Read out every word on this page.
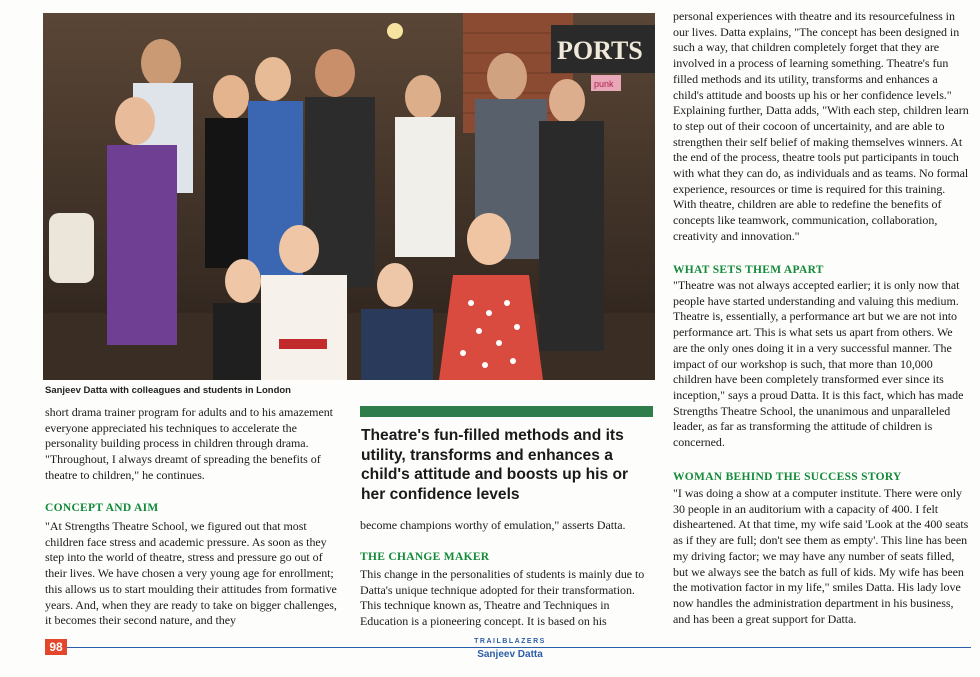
PORTS
punk
Sanjeev Datta with colleagues and students in London

short drama trainer program for adults and to his amazement everyone appreciated his techniques to accelerate the personality building process in children through drama. "Throughout, I always dreamt of spreading the benefits of theatre to children," he continues.

CONCEPT AND AIM

"At Strengths Theatre School, we figured out that most children face stress and academic pressure. As soon as they step into the world of theatre, stress and pressure go out of their lives. We have chosen a very young age for enrollment; this allows us to start moulding their attitudes from formative years. And, when they are ready to take on bigger challenges, it becomes their second nature, and they

Theatre's fun-filled methods and its utility, transforms and enhances a child's attitude and boosts up his or her confidence levels

become champions worthy of emulation," asserts Datta.

THE CHANGE MAKER

This change in the personalities of students is mainly due to Datta's unique technique adopted for their transformation. This technique known as, Theatre and Techniques in Education is a pioneering concept. It is based on his

personal experiences with theatre and its resourcefulness in our lives. Datta explains, "The concept has been designed in such a way, that children completely forget that they are involved in a process of learning something. Theatre's fun filled methods and its utility, transforms and enhances a child's attitude and boosts up his or her confidence levels." Explaining further, Datta adds, "With each step, children learn to step out of their cocoon of uncertainity, and are able to strengthen their self belief of making themselves winners. At the end of the process, theatre tools put participants in touch with what they can do, as individuals and as teams. No formal experience, resources or time is required for this training. With theatre, children are able to redefine the benefits of concepts like teamwork, communication, collaboration, creativity and innovation."

WHAT SETS THEM APART

"Theatre was not always accepted earlier; it is only now that people have started understanding and valuing this medium. Theatre is, essentially, a performance art but we are not into performance art. This is what sets us apart from others. We are the only ones doing it in a very successful manner. The impact of our workshop is such, that more than 10,000 children have been completely transformed ever since its inception," says a proud Datta. It is this fact, which has made Strengths Theatre School, the unanimous and unparalleled leader, as far as transforming the attitude of children is concerned.

WOMAN BEHIND THE SUCCESS STORY

"I was doing a show at a computer institute. There were only 30 people in an auditorium with a capacity of 400. I felt disheartened. At that time, my wife said 'Look at the 400 seats as if they are full; don't see them as empty'. This line has been my driving factor; we may have any number of seats filled, but we always see the batch as full of kids. My wife has been the motivation factor in my life," smiles Datta. His lady love now handles the administration department in his business, and has been a great support for Datta.

98	TRAILBLAZERS
Sanjeev Datta
